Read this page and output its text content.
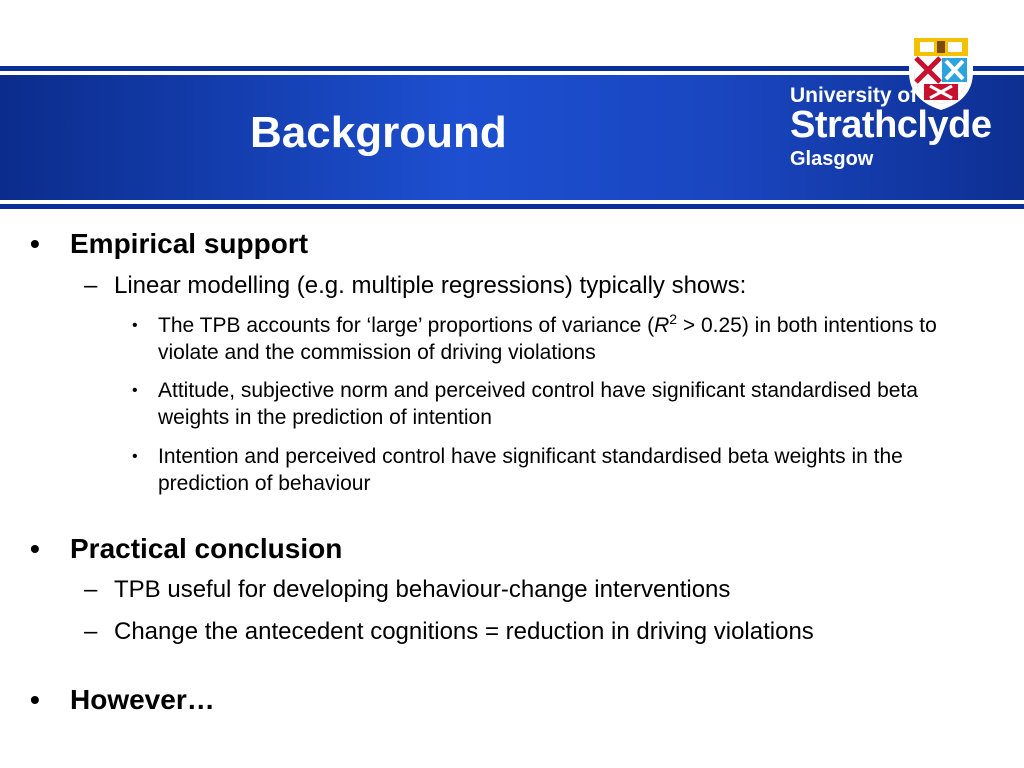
Background
University of
Strathclyde
Glasgow
• Empirical support
– Linear modelling (e.g. multiple regressions) typically shows:
• The TPB accounts for ‘large’ proportions of variance $(R^2 > 0.25)$ in both intentions to violate and the commission of driving violations
• Attitude, subjective norm and perceived control have significant standardised beta weights in the prediction of intention
• Intention and perceived control have significant standardised beta weights in the prediction of behaviour
• Practical conclusion
– TPB useful for developing behaviour-change interventions
– Change the antecedent cognitions = reduction in driving violations
• However…
